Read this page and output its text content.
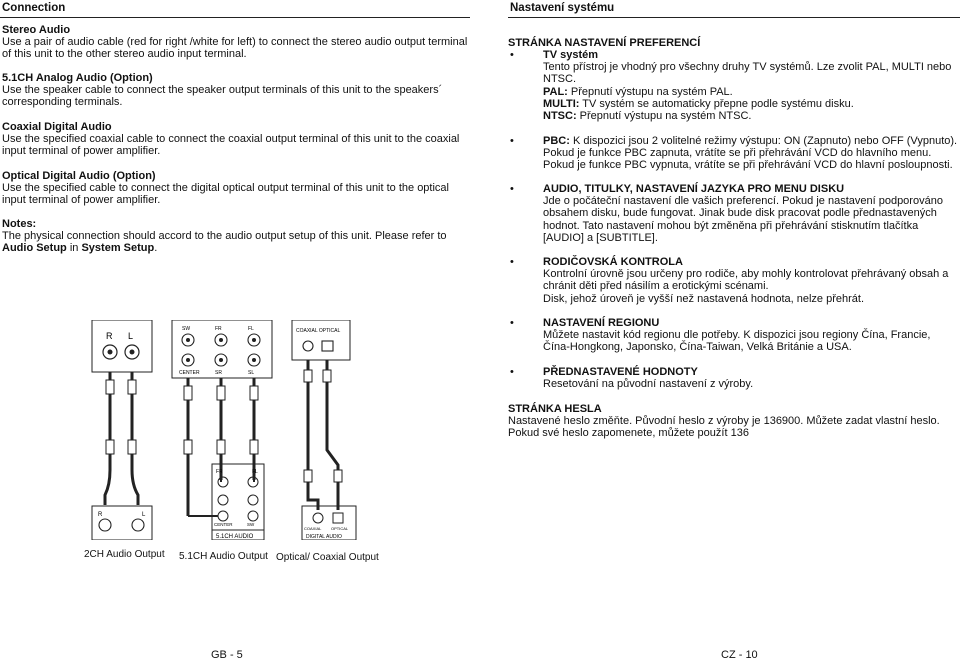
Connection

Stereo Audio

Use a pair of audio cable (red for right /white for left) to connect the stereo audio output terminal of this unit to the other stereo audio input terminal.

5.1CH Analog Audio (Option)

Use the speaker cable to connect the speaker output terminals of this unit to the speakers´ corresponding terminals.

Coaxial Digital Audio

Use the specified coaxial cable to connect the coaxial output terminal of this unit to the coaxial input terminal of power amplifier.

Optical Digital Audio (Option)

Use the specified cable to connect the digital optical output terminal of this unit to the optical input terminal of power amplifier.

Notes:

The physical connection should accord to the audio output setup of this unit. Please refer to Audio Setup in System Setup.

R L
SW	FR	FL
CENTER	SR	SL
COAXIAL OPTICAL
R	L
FR	FL
CENTER	SW
5.1CH AUDIO
COAXIAL OPTICAL
DIGITAL AUDIO
2CH Audio Output 5.1CH Audio Output Optical/ Coaxial Output
GB - 5
Nastavení systému
STRÁNKA NASTAVENÍ PREFERENCÍ
•	TV systém

Tento přístroj je vhodný pro všechny druhy TV systémů. Lze zvolit PAL, MULTI nebo NTSC.

PAL: Přepnutí výstupu na systém PAL.

MULTI: TV systém se automaticky přepne podle systému disku.

NTSC: Přepnutí výstupu na systém NTSC.

•	PBC: K dispozici jsou 2 volitelné režimy výstupu: ON (Zapnuto) nebo OFF (Vypnuto). Pokud je funkce PBC zapnuta, vrátíte se při přehrávání VCD do hlavního menu. Pokud je funkce PBC vypnuta, vrátíte se při přehrávání VCD do hlavní posloupnosti.

•	AUDIO, TITULKY, NASTAVENÍ JAZYKA PRO MENU DISKU

Jde o počáteční nastavení dle vašich preferencí. Pokud je nastavení podporováno obsahem disku, bude fungovat. Jinak bude disk pracovat podle přednastavených hodnot. Tato nastavení mohou být změněna při přehrávání stisknutím tlačítka [AUDIO] a [SUBTITLE].

•	RODIČOVSKÁ KONTROLA

Kontrolní úrovně jsou určeny pro rodiče, aby mohly kontrolovat přehrávaný obsah a chránit děti před násilím a erotickými scénami.

Disk, jehož úroveň je vyšší než nastavená hodnota, nelze přehrát.

•	NASTAVENÍ REGIONU

Můžete nastavit kód regionu dle potřeby. K dispozici jsou regiony Čína, Francie, Čína-Hongkong, Japonsko, Čína-Taiwan, Velká Británie a USA.

•	PŘEDNASTAVENÉ HODNOTY

Resetování na původní nastavení z výroby.

STRÁNKA HESLA

Nastavené heslo změňte. Původní heslo z výroby je 136900. Můžete zadat vlastní heslo. Pokud své heslo zapomenete, můžete použít 136

CZ - 10
